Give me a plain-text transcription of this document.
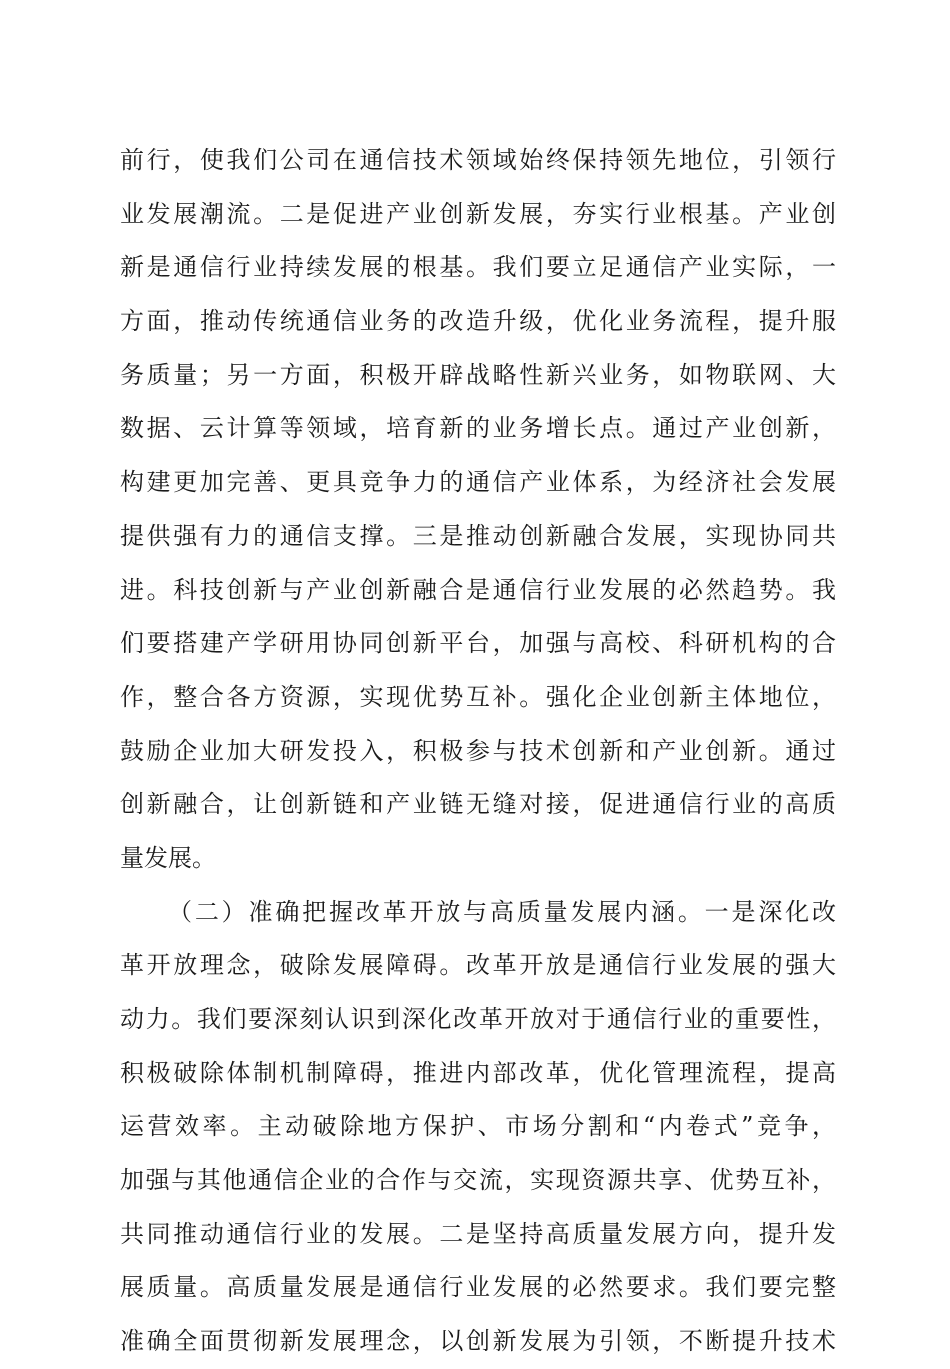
前行，使我们公司在通信技术领域始终保持领先地位，引领行
业发展潮流。二是促进产业创新发展，夯实行业根基。产业创
新是通信行业持续发展的根基。我们要立足通信产业实际，一
方面，推动传统通信业务的改造升级，优化业务流程，提升服
务质量；另一方面，积极开辟战略性新兴业务，如物联网、大
数据、云计算等领域，培育新的业务增长点。通过产业创新，
构建更加完善、更具竞争力的通信产业体系，为经济社会发展
提供强有力的通信支撑。三是推动创新融合发展，实现协同共
进。科技创新与产业创新融合是通信行业发展的必然趋势。我
们要搭建产学研用协同创新平台，加强与高校、科研机构的合
作，整合各方资源，实现优势互补。强化企业创新主体地位，
鼓励企业加大研发投入，积极参与技术创新和产业创新。通过
创新融合，让创新链和产业链无缝对接，促进通信行业的高质
量发展。
（二）准确把握改革开放与高质量发展内涵。一是深化改
革开放理念，破除发展障碍。改革开放是通信行业发展的强大
动力。我们要深刻认识到深化改革开放对于通信行业的重要性，
积极破除体制机制障碍，推进内部改革，优化管理流程，提高
运营效率。主动破除地方保护、市场分割和“内卷式”竞争，
加强与其他通信企业的合作与交流，实现资源共享、优势互补，
共同推动通信行业的发展。二是坚持高质量发展方向，提升发
展质量。高质量发展是通信行业发展的必然要求。我们要完整
准确全面贯彻新发展理念，以创新发展为引领，不断提升技术
